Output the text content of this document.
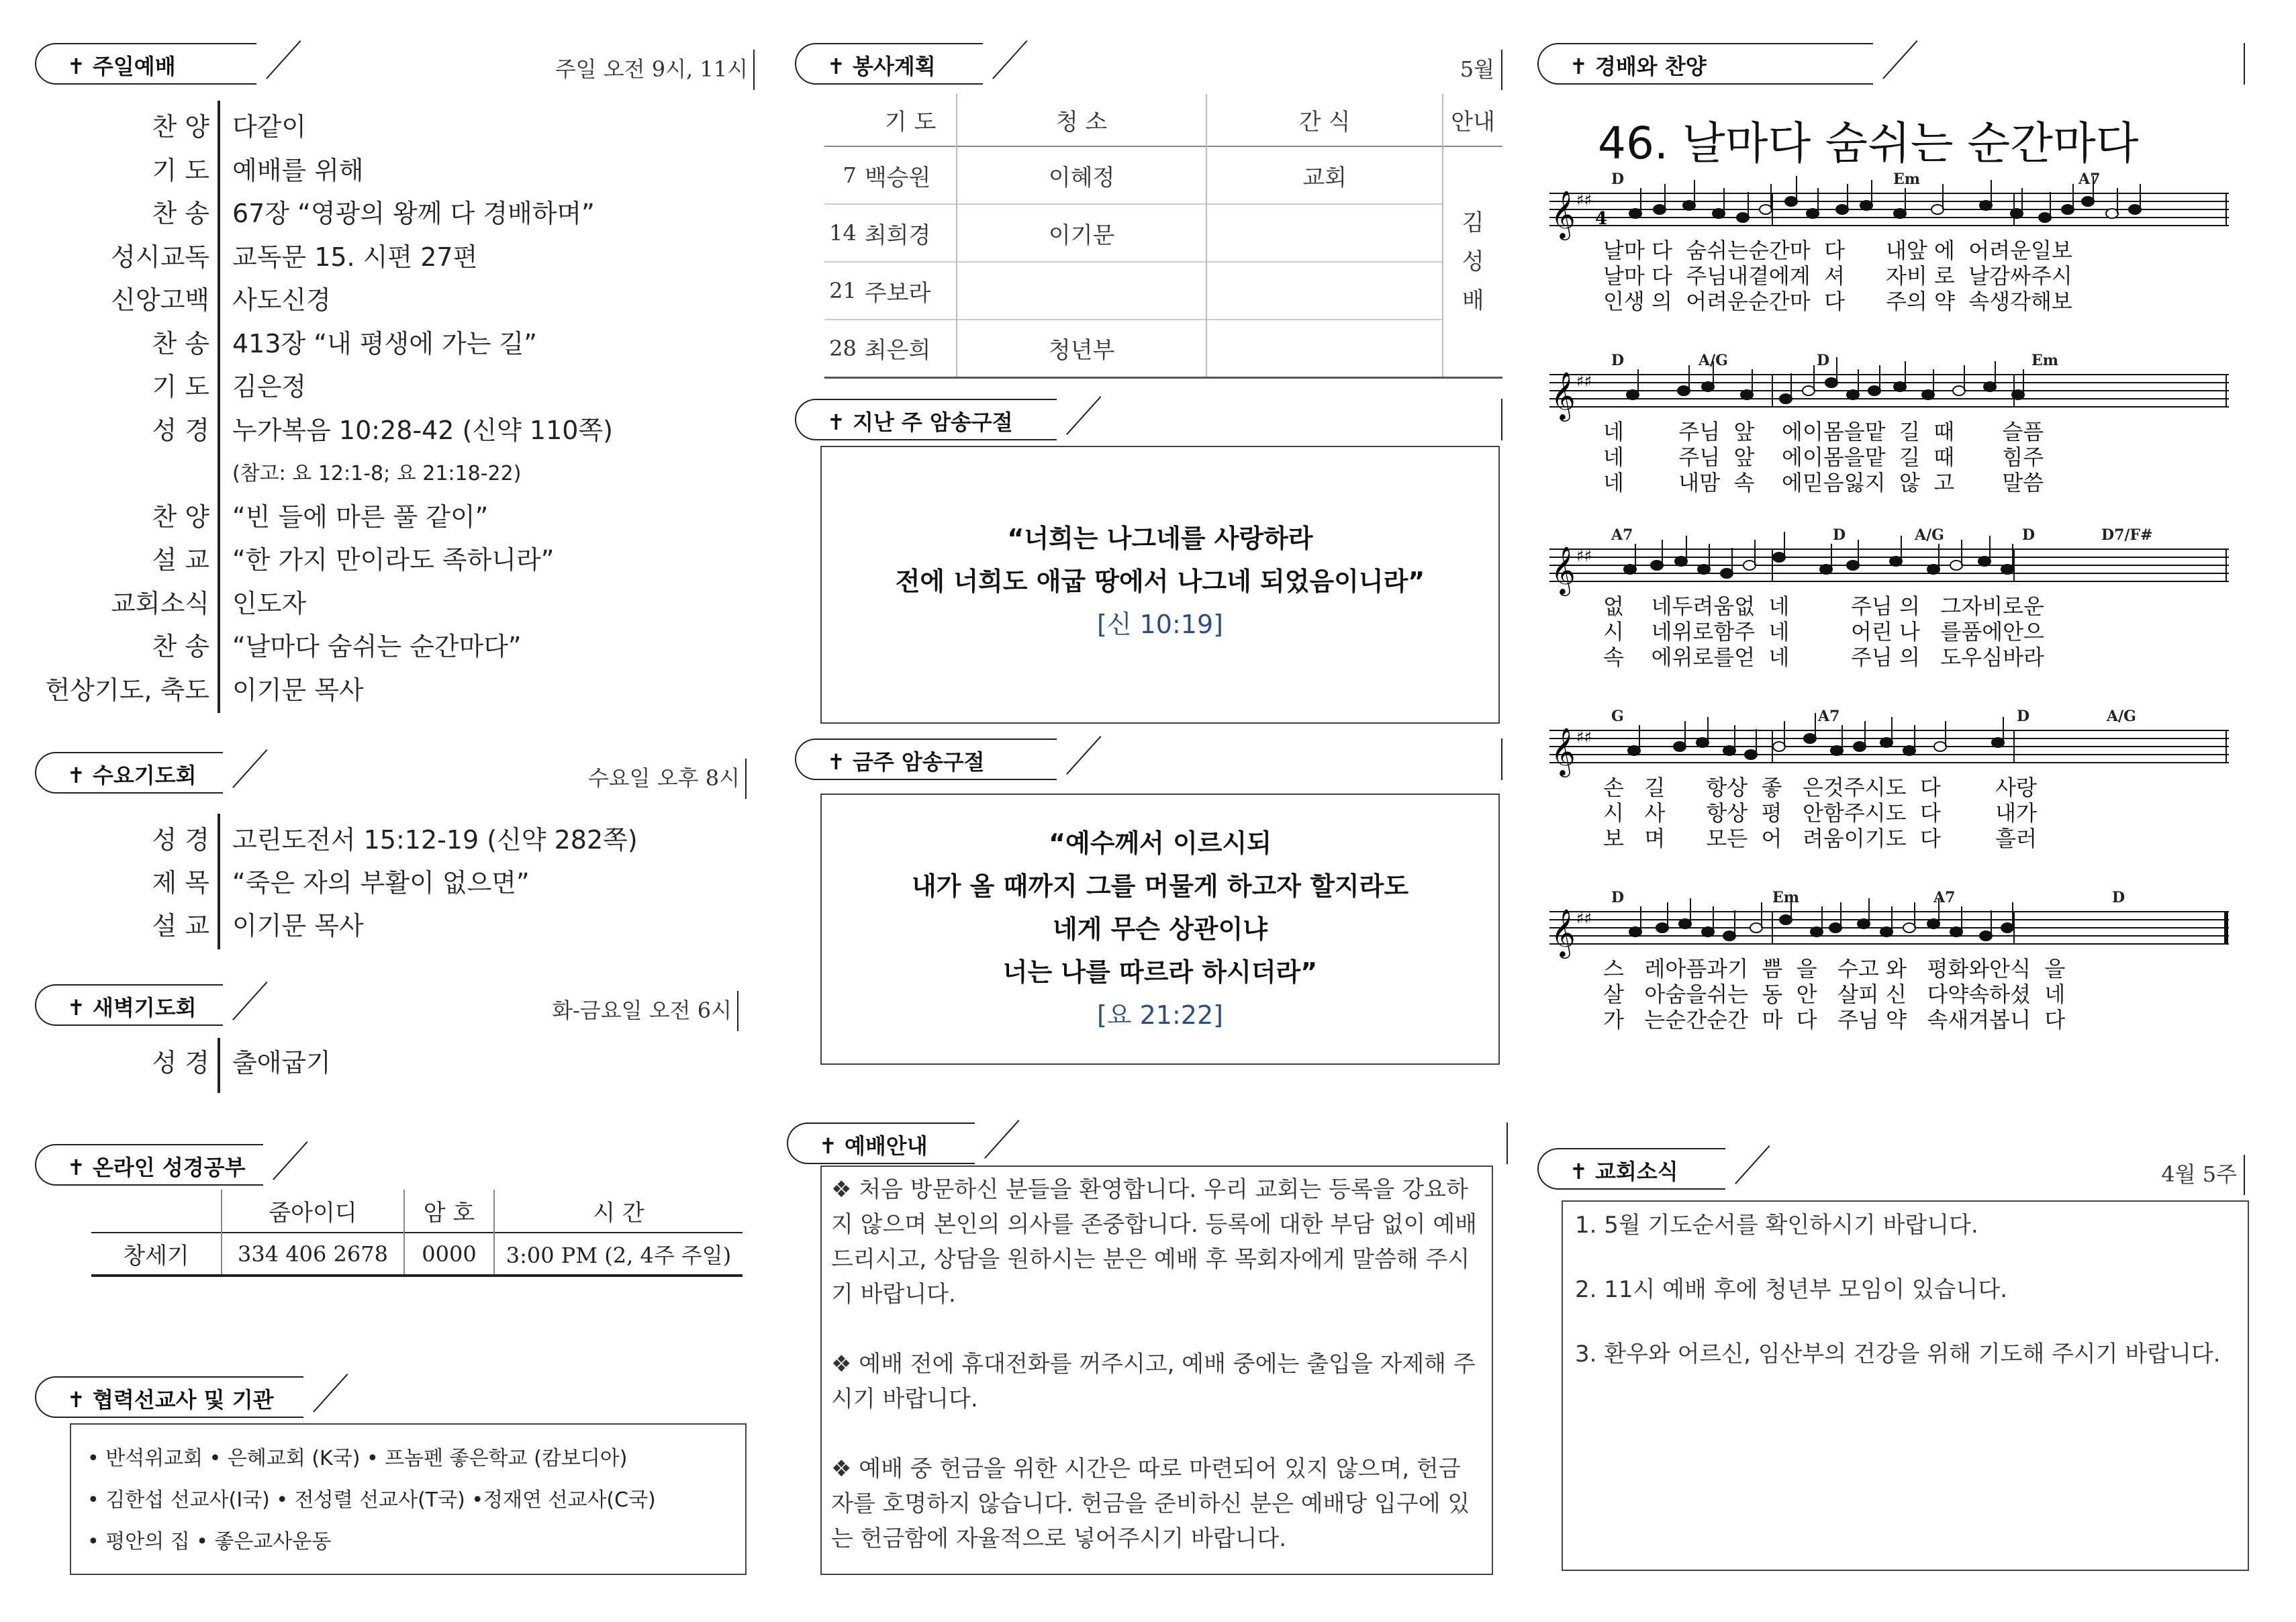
✝ 주일예배	주일 오전 9시, 11시
찬 양 다같이
기 도 예배를 위해
찬 송 67장 “영광의 왕께 다 경배하며”
성시교독 교독문 15. 시편 27편
신앙고백 사도신경
찬 송 413장 “내 평생에 가는 길”
기 도 김은정
성 경 누가복음 10:28-42 (신약 110쪽)
(참고: 요 12:1-8; 요 21:18-22)
찬 양 “빈 들에 마른 풀 같이”
설 교 “한 가지 만이라도 족하니라”
교회소식 인도자
찬 송 “날마다 숨쉬는 순간마다”
헌상기도, 축도 이기문 목사
✝ 수요기도회	수요일 오후 8시
성 경 고린도전서 15:12-19 (신약 282쪽)
제 목 “죽은 자의 부활이 없으면”
설 교 이기문 목사
✝ 새벽기도회	화-금요일 오전 6시
성 경 출애굽기
✝ 온라인 성경공부
	줌아이디	암 호	시 간
창세기	334 406 2678	0000	3:00 PM (2, 4주 주일)
✝ 협력선교사 및 기관
• 반석위교회 • 은혜교회 (K국) • 프놈펜 좋은학교 (캄보디아)
• 김한섭 선교사(I국) • 전성렬 선교사(T국) •정재연 선교사(C국)
• 평안의 집 • 좋은교사운동
✝ 봉사계획	5월
	기 도	청 소	간 식	안내
7	백승원	이혜정	교회	김
성
배
14	최희경	이기문		
21	주보라			
28	최은희	청년부		
✝ 지난 주 암송구절
“너희는 나그네를 사랑하라
전에 너희도 애굽 땅에서 나그네 되었음이니라”
[신 10:19]
✝ 금주 암송구절
“예수께서 이르시되
내가 올 때까지 그를 머물게 하고자 할지라도
네게 무슨 상관이냐
너는 나를 따르라 하시더라”
[요 21:22]
✝ 예배안내
❖ 처음 방문하신 분들을 환영합니다. 우리 교회는 등록을 강요하지 않으며 본인의 의사를 존중합니다. 등록에 대한 부담 없이 예배드리시고, 상담을 원하시는 분은 예배 후 목회자에게 말씀해 주시기 바랍니다.
❖ 예배 전에 휴대전화를 꺼주시고, 예배 중에는 출입을 자제해 주시기 바랍니다.
❖ 예배 중 헌금을 위한 시간은 따로 마련되어 있지 않으며, 헌금자를 호명하지 않습니다. 헌금을 준비하신 분은 예배당 입구에 있는 헌금함에 자율적으로 넣어주시기 바랍니다.
✝ 경배와 찬양
46. 날마다 숨쉬는 순간마다
𝄞 ♯♯
4
𝄞 ♯♯
𝄞 ♯♯
𝄞 ♯♯
𝄞 ♯♯
D	Em	A7
날마 다  숨쉬는순간마  다      내앞 에  어려운일보
날마 다  주님내곁에계  셔      자비 로  날감싸주시
인생 의  어려운순간마  다      주의 약  속생각해보
D	A/G	D	Em
네        주님  앞    에이몸을맡  길  때       슬픔
네        주님  앞    에이몸을맡  길  때       힘주
네        내맘  속    에믿음잃지  않  고       말씀
A7	D	A/G	D	D7/F#
없    네두려움없  네         주님 의   그자비로운
시    네위로함주  네         어린 나   를품에안으
속    에위로를얻  네         주님 의   도우심바라
G	A7	D	A/G
손   길      항상  좋   은것주시도  다        사랑
시   사      항상  평   안함주시도  다        내가
보   며      모든  어   려움이기도  다        흘러
D	Em	A7	D
스   레아픔과기  쁨  을   수고 와   평화와안식  을
살   아숨을쉬는  동  안   살피 신   다약속하셨  네
가   는순간순간  마  다   주님 약   속새겨봅니  다
✝ 교회소식	4월 5주
1. 5월 기도순서를 확인하시기 바랍니다.
2. 11시 예배 후에 청년부 모임이 있습니다.
3. 환우와 어르신, 임산부의 건강을 위해 기도해 주시기 바랍니다.
